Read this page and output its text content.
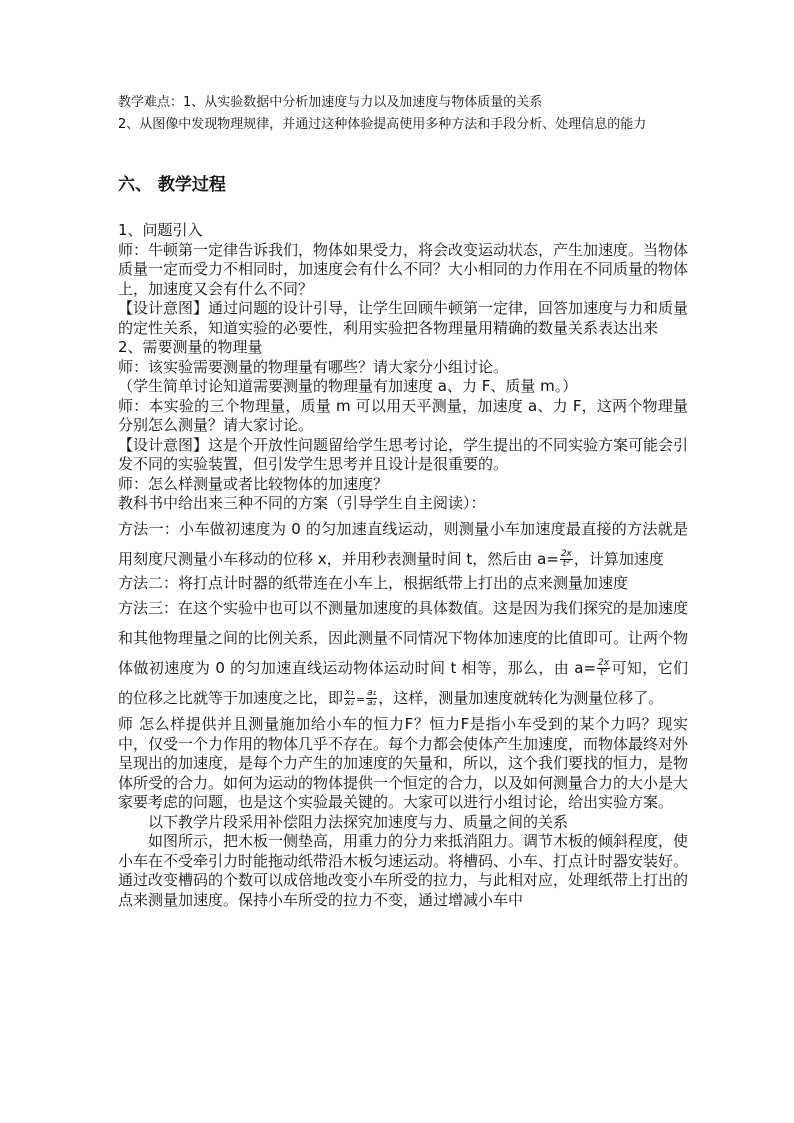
教学难点：1、从实验数据中分析加速度与力以及加速度与物体质量的关系

2、从图像中发现物理规律，并通过这种体验提高使用多种方法和手段分析、处理信息的能力

六、 教学过程

1、问题引入

师：牛顿第一定律告诉我们，物体如果受力，将会改变运动状态，产生加速度。当物体质量一定而受力不相同时，加速度会有什么不同？大小相同的力作用在不同质量的物体上，加速度又会有什么不同？

【设计意图】通过问题的设计引导，让学生回顾牛顿第一定律，回答加速度与力和质量的定性关系，知道实验的必要性，利用实验把各物理量用精确的数量关系表达出来

2、需要测量的物理量

师：该实验需要测量的物理量有哪些？请大家分小组讨论。

（学生简单讨论知道需要测量的物理量有加速度 a、力 F、质量 m。）

师：本实验的三个物理量，质量 m 可以用天平测量，加速度 a、力 F，这两个物理量分别怎么测量？请大家讨论。

【设计意图】这是个开放性问题留给学生思考讨论，学生提出的不同实验方案可能会引发不同的实验装置，但引发学生思考并且设计是很重要的。

师：怎么样测量或者比较物体的加速度？

教科书中给出来三种不同的方案（引导学生自主阅读）：

方法一：小车做初速度为 0 的匀加速直线运动，则测量小车加速度最直接的方法就是用刻度尺测量小车移动的位移 x，并用秒表测量时间 t，然后由 $a= \frac{2x}{\text{t²}}$ ，计算加速度

方法二：将打点计时器的纸带连在小车上，根据纸带上打出的点来测量加速度

方法三：在这个实验中也可以不测量加速度的具体数值。这是因为我们探究的是加速度和其他物理量之间的比例关系，因此测量不同情况下物体加速度的比值即可。让两个物体做初速度为 0 的匀加速直线运动物体运动时间 t 相等，那么，由 $a= \frac{2x}{\text{t²}}$ 可知，它们的位移之比就等于加速度之比，即 $\frac{\text{x₁}}{\text{x₂}} = \frac{\text{a₁}}{\text{a₂}}$ ，这样，测量加速度就转化为测量位移了。

师 怎么样提供并且测量施加给小车的恒力F？恒力F是指小车受到的某个力吗？现实中，仅受一个力作用的物体几乎不存在。每个力都会使体产生加速度，而物体最终对外呈现出的加速度，是每个力产生的加速度的矢量和，所以，这个我们要找的恒力，是物体所受的合力。如何为运动的物体提供一个恒定的合力，以及如何测量合力的大小是大家要考虑的问题，也是这个实验最关键的。大家可以进行小组讨论，给出实验方案。

以下教学片段采用补偿阻力法探究加速度与力、质量之间的关系

如图所示，把木板一侧垫高，用重力的分力来抵消阻力。调节木板的倾斜程度，使小车在不受牵引力时能拖动纸带沿木板匀速运动。将槽码、小车、打点计时器安装好。通过改变槽码的个数可以成倍地改变小车所受的拉力，与此相对应，处理纸带上打出的点来测量加速度。保持小车所受的拉力不变，通过增减小车中
